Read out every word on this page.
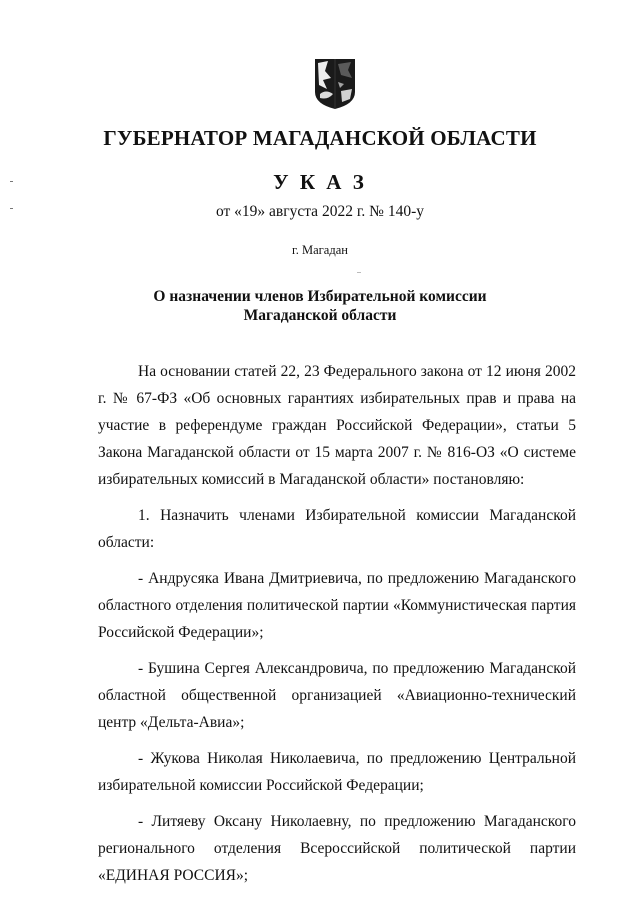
ГУБЕРНАТОР МАГАДАНСКОЙ ОБЛАСТИ
У К А З
от «19» августа 2022 г. № 140-у
г. Магадан
О назначении членов Избирательной комиссии
Магаданской области

На основании статей 22, 23 Федерального закона от 12 июня 2002 г. № 67-ФЗ «Об основных гарантиях избирательных прав и права на участие в референдуме граждан Российской Федерации», статьи 5 Закона Магаданской области от 15 марта 2007 г. № 816-ОЗ «О системе избирательных комиссий в Магаданской области» постановляю:

1. Назначить членами Избирательной комиссии Магаданской области:

- Андрусяка Ивана Дмитриевича, по предложению Магаданского областного отделения политической партии «Коммунистическая партия Российской Федерации»;

- Бушина Сергея Александровича, по предложению Магаданской областной общественной организацией «Авиационно-технический центр «Дельта-Авиа»;

- Жукова Николая Николаевича, по предложению Центральной избирательной комиссии Российской Федерации;

- Литяеву Оксану Николаевну, по предложению Магаданского регионального отделения Всероссийской политической партии «ЕДИНАЯ РОССИЯ»;
